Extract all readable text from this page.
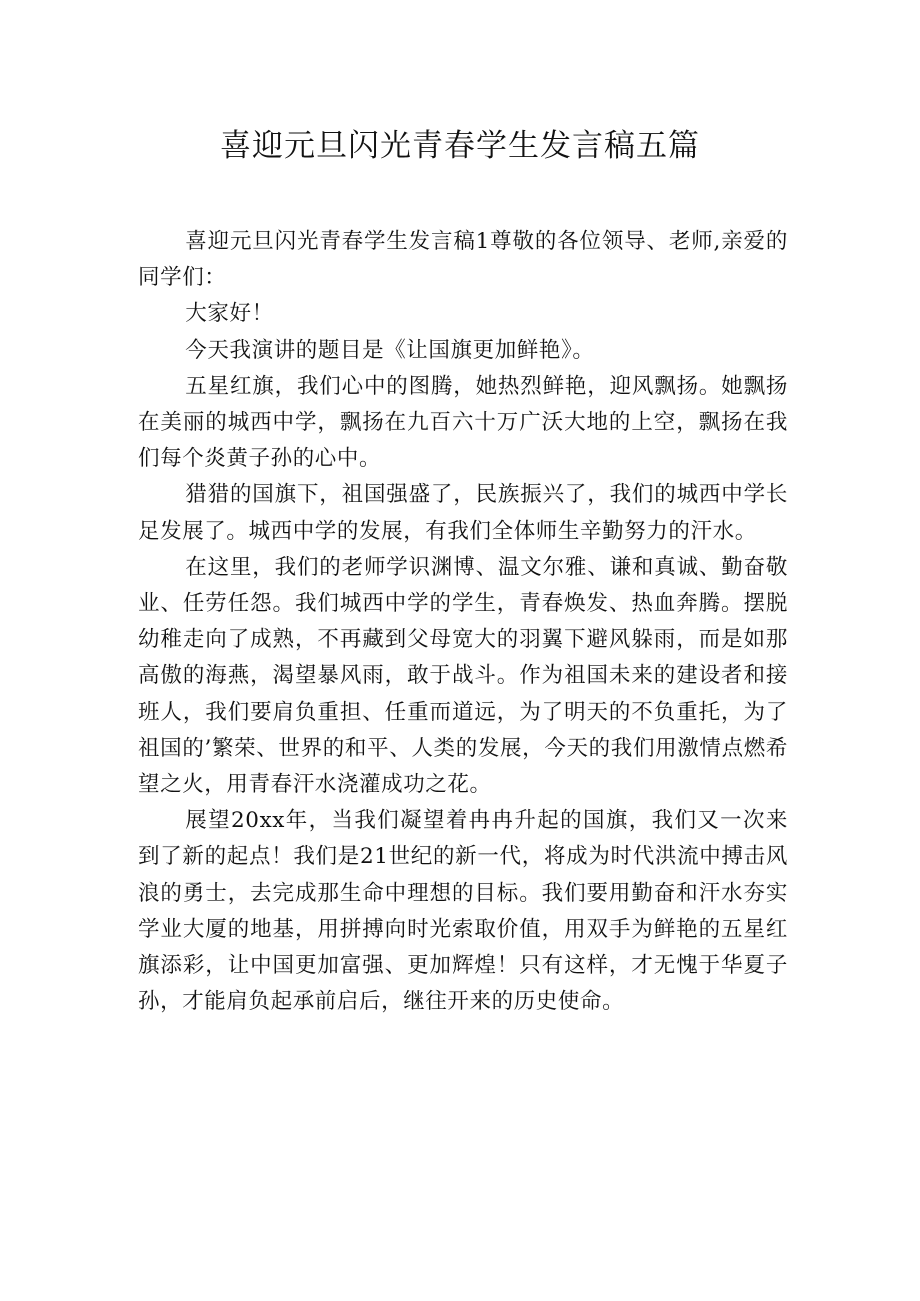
喜迎元旦闪光青春学生发言稿五篇

喜迎元旦闪光青春学生发言稿1尊敬的各位领导、老师,亲爱的同学们：

大家好！

今天我演讲的题目是《让国旗更加鲜艳》。

五星红旗，我们心中的图腾，她热烈鲜艳，迎风飘扬。她飘扬在美丽的城西中学，飘扬在九百六十万广沃大地的上空，飘扬在我们每个炎黄子孙的心中。

猎猎的国旗下，祖国强盛了，民族振兴了，我们的城西中学长足发展了。城西中学的发展，有我们全体师生辛勤努力的汗水。

在这里，我们的老师学识渊博、温文尔雅、谦和真诚、勤奋敬业、任劳任怨。我们城西中学的学生，青春焕发、热血奔腾。摆脱幼稚走向了成熟，不再藏到父母宽大的羽翼下避风躲雨，而是如那高傲的海燕，渴望暴风雨，敢于战斗。作为祖国未来的建设者和接班人，我们要肩负重担、任重而道远，为了明天的不负重托，为了祖国的’繁荣、世界的和平、人类的发展，今天的我们用激情点燃希望之火，用青春汗水浇灌成功之花。

展望20xx年，当我们凝望着冉冉升起的国旗，我们又一次来到了新的起点！我们是21世纪的新一代，将成为时代洪流中搏击风浪的勇士，去完成那生命中理想的目标。我们要用勤奋和汗水夯实学业大厦的地基，用拼搏向时光索取价值，用双手为鲜艳的五星红旗添彩，让中国更加富强、更加辉煌！只有这样，才无愧于华夏子孙，才能肩负起承前启后，继往开来的历史使命。
